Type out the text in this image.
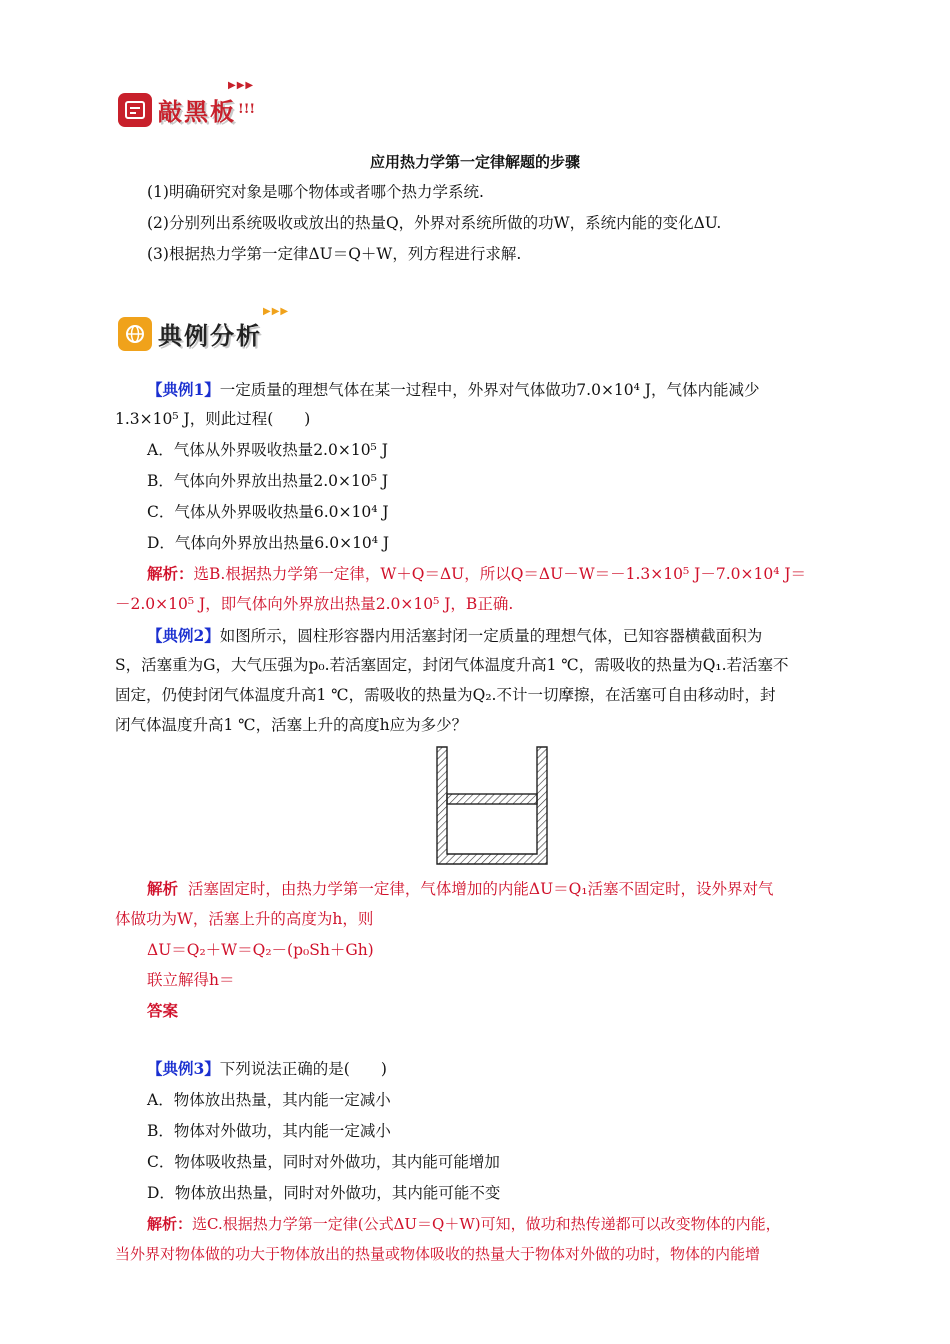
敲黑板 !!!
▶▶▶
应用热力学第一定律解题的步骤
(1)明确研究对象是哪个物体或者哪个热力学系统.
(2)分别列出系统吸收或放出的热量Q，外界对系统所做的功W，系统内能的变化ΔU.
(3)根据热力学第一定律ΔU＝Q＋W，列方程进行求解.
典例分析
▶▶▶
【典例1】一定质量的理想气体在某一过程中，外界对气体做功7.0×10⁴ J，气体内能减少
1.3×10⁵ J，则此过程(　　)
A．气体从外界吸收热量2.0×10⁵ J
B．气体向外界放出热量2.0×10⁵ J
C．气体从外界吸收热量6.0×10⁴ J
D．气体向外界放出热量6.0×10⁴ J
解析：选B.根据热力学第一定律，W＋Q＝ΔU，所以Q＝ΔU－W＝－1.3×10⁵ J－7.0×10⁴ J＝
－2.0×10⁵ J，即气体向外界放出热量2.0×10⁵ J，B正确.
【典例2】如图所示，圆柱形容器内用活塞封闭一定质量的理想气体，已知容器横截面积为
S，活塞重为G，大气压强为p₀.若活塞固定，封闭气体温度升高1 ℃，需吸收的热量为Q₁.若活塞不
固定，仍使封闭气体温度升高1 ℃，需吸收的热量为Q₂.不计一切摩擦，在活塞可自由移动时，封
闭气体温度升高1 ℃，活塞上升的高度h应为多少？
解析 活塞固定时，由热力学第一定律，气体增加的内能ΔU＝Q₁活塞不固定时，设外界对气
体做功为W，活塞上升的高度为h，则
ΔU＝Q₂＋W＝Q₂－(p₀Sh＋Gh)
联立解得h＝
答案
【典例3】下列说法正确的是(　　)
A．物体放出热量，其内能一定减小
B．物体对外做功，其内能一定减小
C．物体吸收热量，同时对外做功，其内能可能增加
D．物体放出热量，同时对外做功，其内能可能不变
解析：选C.根据热力学第一定律(公式ΔU＝Q＋W)可知，做功和热传递都可以改变物体的内能，
当外界对物体做的功大于物体放出的热量或物体吸收的热量大于物体对外做的功时，物体的内能增
